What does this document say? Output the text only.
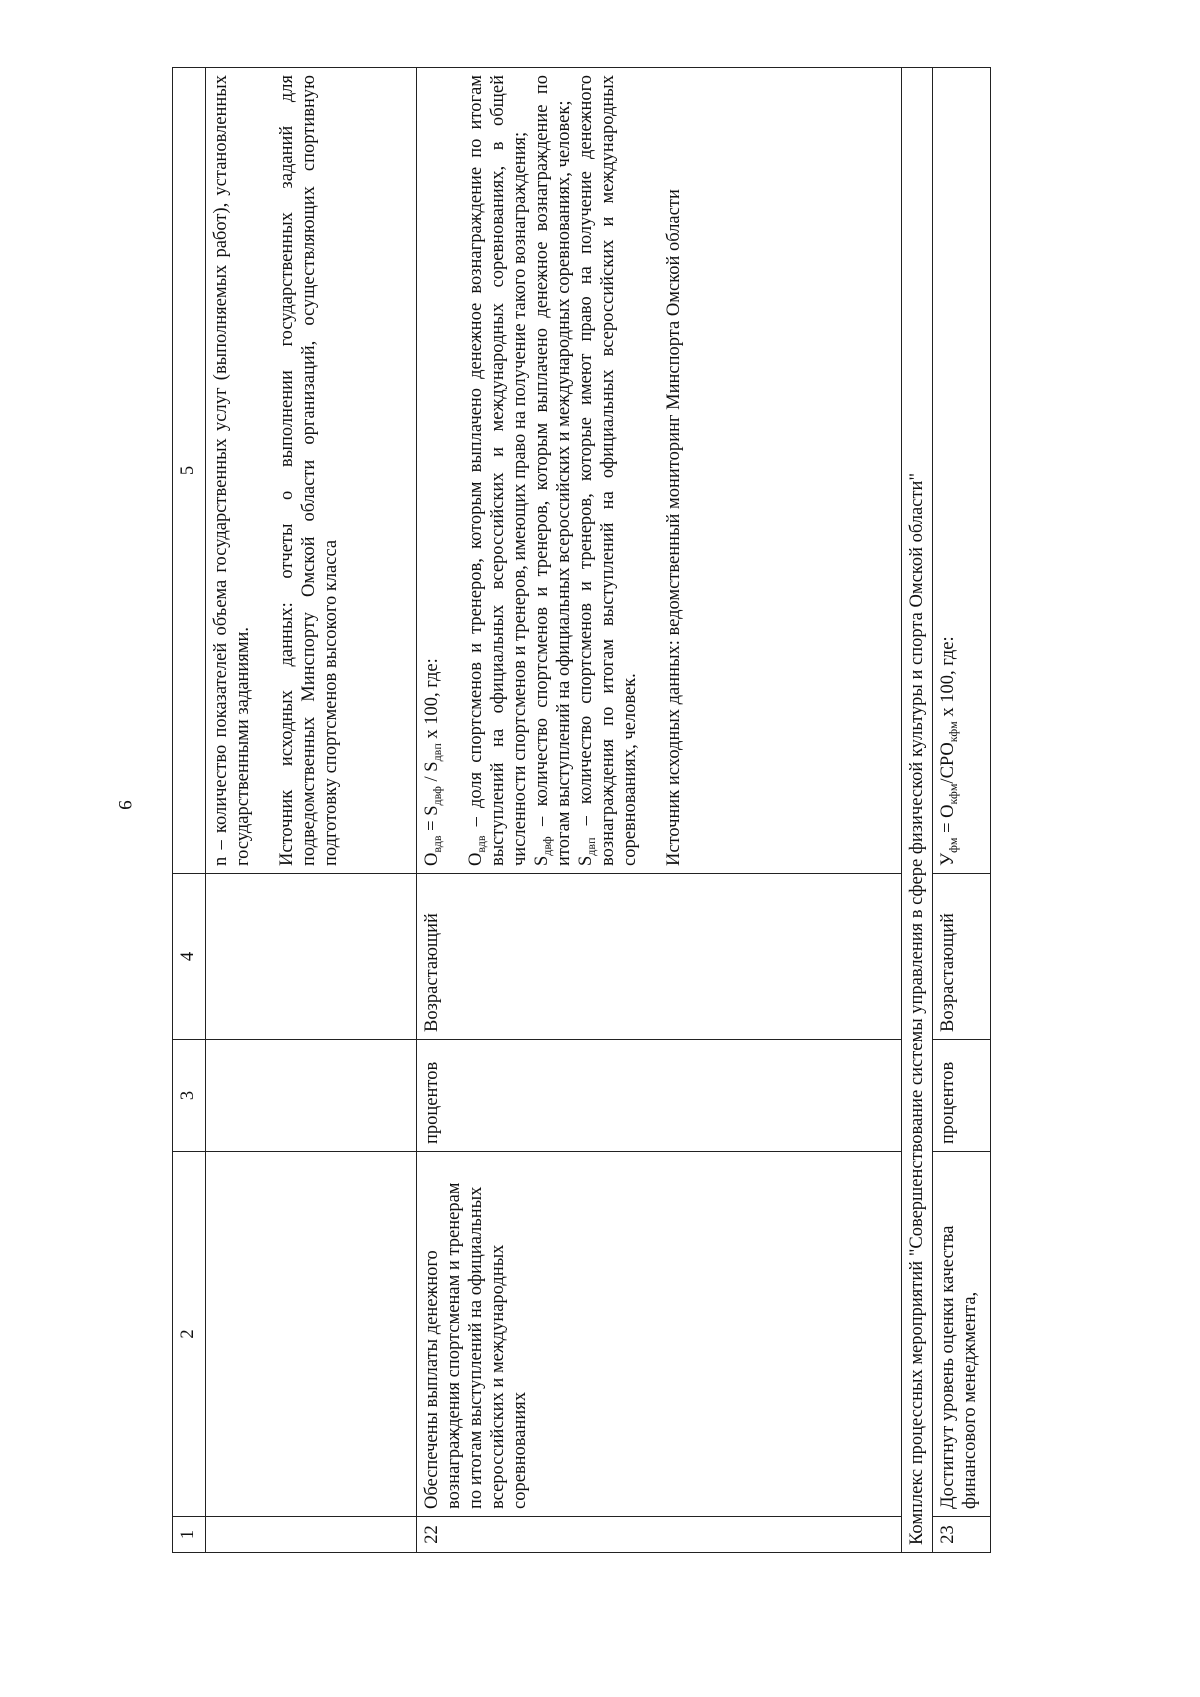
9
1	2	3	4	5

				n – количество показателей объема государственных услуг (выполняемых работ), установленных государственными заданиями. Источник исходных данных: отчеты о выполнении государственных заданий для подведомственных Минспорту Омской области организаций, осуществляющих спортивную подготовку спортсменов высокого класса

22	Обеспечены выплаты денежного вознаграждения спортсменам и тренерам по итогам выступлений на официальных всероссийских и международных соревнованиях	процентов	Возрастающий	$О_{вдв} = S_{двф} / S_{двп}$ х 100, где:
$О_{вдв}$ – доля спортсменов и тренеров, которым выплачено денежное вознаграждение по итогам выступлений на официальных всероссийских и международных соревнованиях, в общей численности спортсменов и тренеров, имеющих право на получение такого вознаграждения; $S_{двф}$ – количество спортсменов и тренеров, которым выплачено денежное вознаграждение по итогам выступлений на официальных всероссийских и международных соревнованиях, человек; $S_{двп}$ – количество спортсменов и тренеров, которые имеют право на получение денежного вознаграждения по итогам выступлений на официальных всероссийских и международных соревнованиях, человек. Источник исходных данных: ведомственный мониторинг Минспорта Омской области

Комплекс процессных мероприятий "Совершенствование системы управления в сфере физической культуры и спорта Омской области"				
23	Достигнут уровень оценки качества финансового менеджмента,	процентов	Возрастающий	$У_{фм} = О_{кфм}/СРО_{кфм}$ х 100, где:
